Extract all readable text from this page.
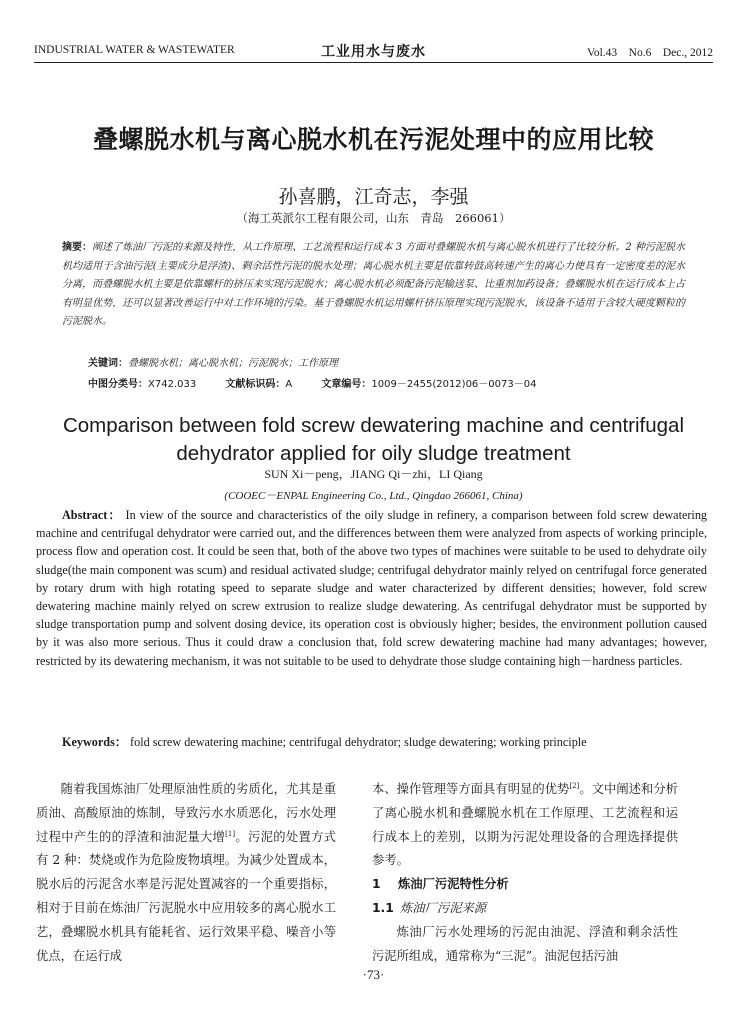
INDUSTRIAL WATER & WASTEWATER	工业用水与废水	Vol.43　No.6　Dec., 2012
叠螺脱水机与离心脱水机在污泥处理中的应用比较
孙喜鹏，江奇志，李强
（海工英派尔工程有限公司，山东　青岛　266061）
摘要：阐述了炼油厂污泥的来源及特性，从工作原理、工艺流程和运行成本 3 方面对叠螺脱水机与离心脱水机进行了比较分析。2 种污泥脱水机均适用于含油污泥(主要成分是浮渣)、剩余活性污泥的脱水处理；离心脱水机主要是依靠转鼓高转速产生的离心力使具有一定密度差的泥水分离，而叠螺脱水机主要是依靠螺杆的挤压来实现污泥脱水；离心脱水机必须配备污泥输送泵、比重剂加药设备；叠螺脱水机在运行成本上占有明显优势，还可以显著改善运行中对工作环境的污染。基于叠螺脱水机运用螺杆挤压原理实现污泥脱水，该设备不适用于含较大硬度颗粒的污泥脱水。
关键词：叠螺脱水机；离心脱水机；污泥脱水；工作原理
中图分类号：X742.033	文献标识码：A	文章编号：1009－2455(2012)06－0073－04
Comparison between fold screw dewatering machine and centrifugal dehydrator applied for oily sludge treatment
SUN Xi－peng，JIANG Qi－zhi，LI Qiang
(COOEC－ENPAL Engineering Co., Ltd., Qingdao 266061, China)
Abstract： In view of the source and characteristics of the oily sludge in refinery, a comparison between fold screw dewatering machine and centrifugal dehydrator were carried out, and the differences between them were analyzed from aspects of working principle, process flow and operation cost. It could be seen that, both of the above two types of machines were suitable to be used to dehydrate oily sludge(the main component was scum) and residual activated sludge; centrifugal dehydrator mainly relyed on centrifugal force generated by rotary drum with high rotating speed to separate sludge and water characterized by different densities; however, fold screw dewatering machine mainly relyed on screw extrusion to realize sludge dewatering. As centrifugal dehydrator must be supported by sludge transportation pump and solvent dosing device, its operation cost is obviously higher; besides, the environment pollution caused by it was also more serious. Thus it could draw a conclusion that, fold screw dewatering machine had many advantages; however, restricted by its dewatering mechanism, it was not suitable to be used to dehydrate those sludge containing high－hardness particles.
Keywords： fold screw dewatering machine; centrifugal dehydrator; sludge dewatering; working principle

随着我国炼油厂处理原油性质的劣质化，尤其是重质油、高酸原油的炼制，导致污水水质恶化，污水处理过程中产生的的浮渣和油泥量大增[1]。污泥的处置方式有 2 种：焚烧或作为危险废物填埋。为减少处置成本，脱水后的污泥含水率是污泥处置减容的一个重要指标，相对于目前在炼油厂污泥脱水中应用较多的离心脱水工艺，叠螺脱水机具有能耗省、运行效果平稳、噪音小等优点，在运行成

本、操作管理等方面具有明显的优势[2]。文中阐述和分析了离心脱水机和叠螺脱水机在工作原理、工艺流程和运行成本上的差别，以期为污泥处理设备的合理选择提供参考。

1 炼油厂污泥特性分析

1.1 炼油厂污泥来源

炼油厂污水处理场的污泥由油泥、浮渣和剩余活性污泥所组成，通常称为“三泥”。油泥包括污油

·73·
